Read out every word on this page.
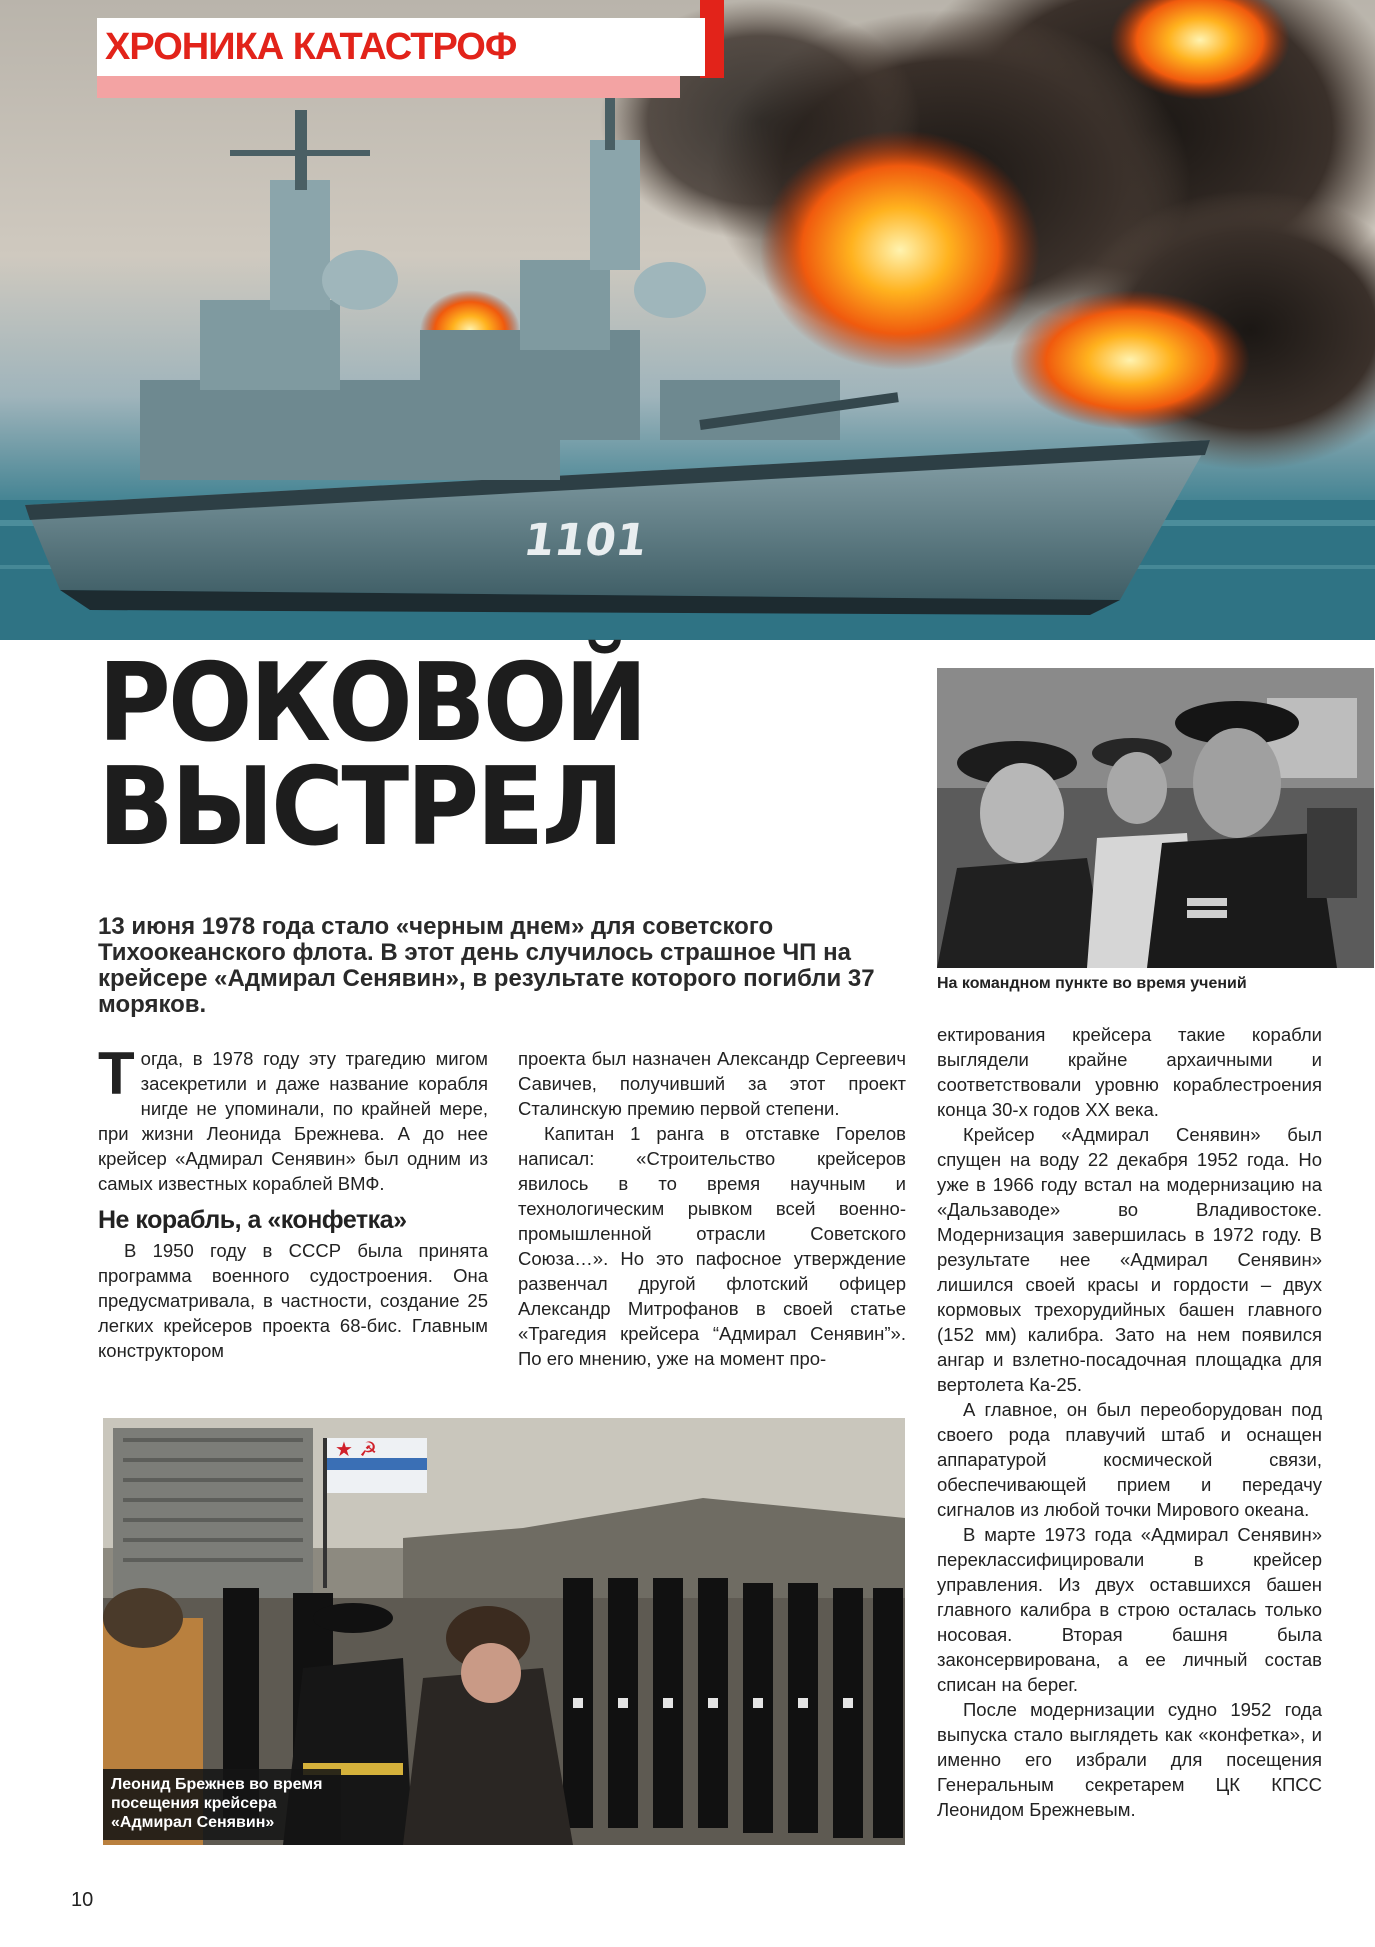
1101
ХРОНИКА КАТАСТРОФ
РОКОВОЙ
ВЫСТРЕЛ

13 июня 1978 года стало «черным днем» для советского Тихоокеанского флота. В этот день случилось страшное ЧП на крейсере «Адмирал Сенявин», в результате которого погибли 37 моряков.

На командном пункте во время учений

Тогда, в 1978 году эту трагедию мигом засекретили и даже название корабля нигде не упоминали, по крайней мере, при жизни Леонида Брежнева. А до нее крейсер «Адмирал Сенявин» был одним из самых известных кораблей ВМФ.

Не корабль, а «конфетка»

В 1950 году в СССР была принята программа военного судостроения. Она предусматривала, в частности, создание 25 легких крейсеров проекта 68-бис. Главным конструктором

проекта был назначен Александр Сергеевич Савичев, получивший за этот проект Сталинскую премию первой степени.

Капитан 1 ранга в отставке Горелов написал: «Строительство крейсеров явилось в то время научным и технологическим рывком всей военно-промышленной отрасли Советского Союза…». Но это пафосное утверждение развенчал другой флотский офицер Александр Митрофанов в своей статье «Трагедия крейсера “Адмирал Сенявин”». По его мнению, уже на момент про-

ектирования крейсера такие корабли выглядели крайне архаичными и соответствовали уровню кораблестроения конца 30-х годов XX века.

Крейсер «Адмирал Сенявин» был спущен на воду 22 декабря 1952 года. Но уже в 1966 году встал на модернизацию на «Дальзаводе» во Владивостоке. Модернизация завершилась в 1972 году. В результате нее «Адмирал Сенявин» лишился своей красы и гордости – двух кормовых трехорудийных башен главного (152 мм) калибра. Зато на нем появился ангар и взлетно-посадочная площадка для вертолета Ка-25.

А главное, он был переоборудован под своего рода плавучий штаб и оснащен аппаратурой космической связи, обеспечивающей прием и передачу сигналов из любой точки Мирового океана.

В марте 1973 года «Адмирал Сенявин» переклассифицировали в крейсер управления. Из двух оставшихся башен главного калибра в строю осталась только носовая. Вторая башня была законсервирована, а ее личный состав списан на берег.

После модернизации судно 1952 года выпуска стало выглядеть как «конфетка», и именно его избрали для посещения Генеральным секретарем ЦК КПСС Леонидом Брежневым.

★ ☭
Леонид Брежнев во время
посещения крейсера
«Адмирал Сенявин»
10
